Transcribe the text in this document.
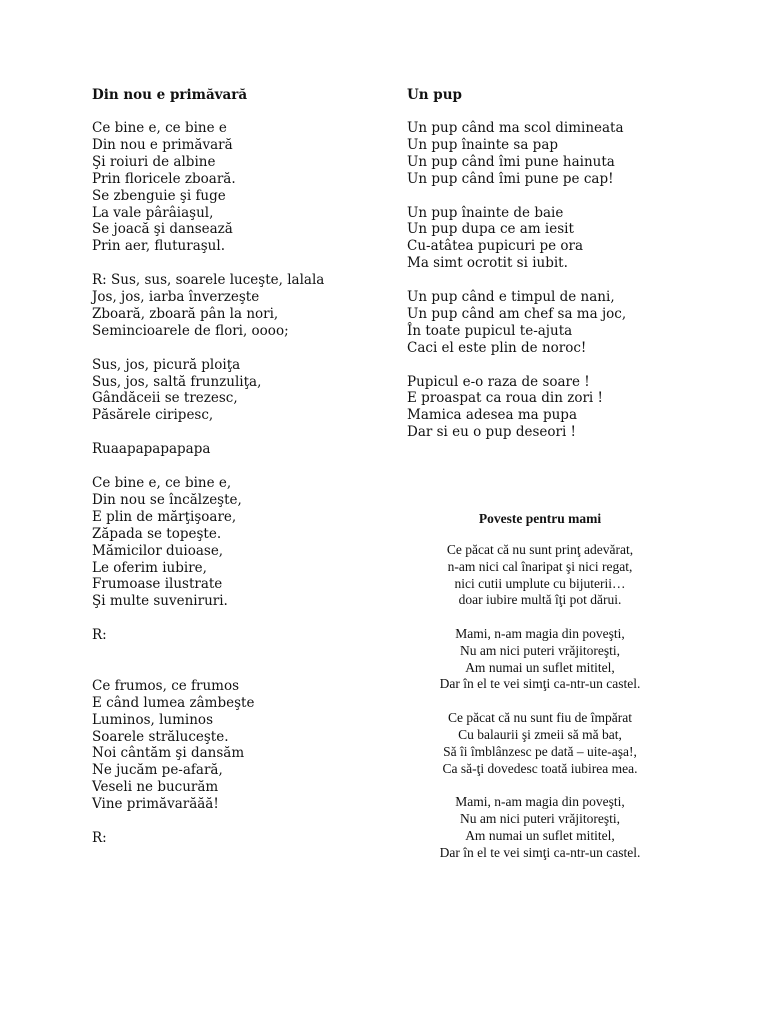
Din nou e primăvară
Ce bine e, ce bine e
Din nou e primăvară
Şi roiuri de albine
Prin floricele zboară.
Se zbenguie şi fuge
La vale pârâiaşul,
Se joacă şi dansează
Prin aer, fluturaşul.
R: Sus, sus, soarele luceşte, lalala
Jos, jos, iarba înverzeşte
Zboară, zboară pân la nori,
Semincioarele de flori, oooo;
Sus, jos, picură ploiţa
Sus, jos, saltă frunzuliţa,
Gândăceii se trezesc,
Păsărele ciripesc,
Ruaapapapapapa
Ce bine e, ce bine e,
Din nou se încălzeşte,
E plin de mărţişoare,
Zăpada se topeşte.
Mămicilor duioase,
Le oferim iubire,
Frumoase ilustrate
Şi multe suveniruri.
R:
Ce frumos, ce frumos
E când lumea zâmbeşte
Luminos, luminos
Soarele străluceşte.
Noi cântăm şi dansăm
Ne jucăm pe-afară,
Veseli ne bucurăm
Vine primăvarăăă!
R:
Un pup
Un pup când ma scol dimineata
Un pup înainte sa pap
Un pup când îmi pune hainuta
Un pup când îmi pune pe cap!
Un pup înainte de baie
Un pup dupa ce am iesit
Cu-atâtea pupicuri pe ora
Ma simt ocrotit si iubit.
Un pup când e timpul de nani,
Un pup când am chef sa ma joc,
În toate pupicul te-ajuta
Caci el este plin de noroc!
Pupicul e-o raza de soare !
E proaspat ca roua din zori !
Mamica adesea ma pupa
Dar si eu o pup deseori !
Poveste pentru mami
Ce păcat că nu sunt prinţ adevărat,
n-am nici cal înaripat şi nici regat,
nici cutii umplute cu bijuterii…
doar iubire multă îţi pot dărui.
Mami, n-am magia din poveşti,
Nu am nici puteri vrăjitoreşti,
Am numai un suflet mititel,
Dar în el te vei simţi ca-ntr-un castel.
Ce păcat că nu sunt fiu de împărat
Cu balaurii şi zmeii să mă bat,
Să îi îmblânzesc pe dată – uite-aşa!,
Ca să-ţi dovedesc toată iubirea mea.
Mami, n-am magia din poveşti,
Nu am nici puteri vrăjitoreşti,
Am numai un suflet mititel,
Dar în el te vei simţi ca-ntr-un castel.
